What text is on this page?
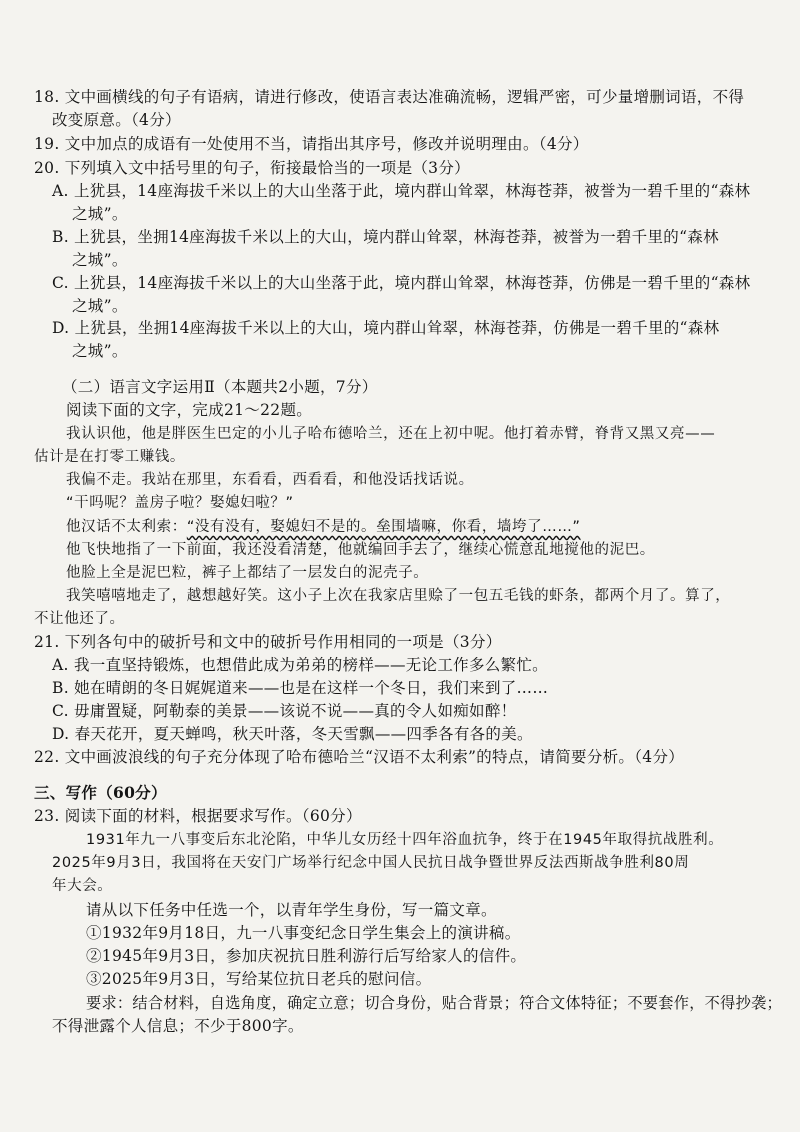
18. 文中画横线的句子有语病，请进行修改，使语言表达准确流畅，逻辑严密，可少量增删词语，不得
改变原意。（4分）
19. 文中加点的成语有一处使用不当，请指出其序号，修改并说明理由。（4分）
20. 下列填入文中括号里的句子，衔接最恰当的一项是（3分）
A. 上犹县，14座海拔千米以上的大山坐落于此，境内群山耸翠，林海苍莽，被誉为一碧千里的“森林
之城”。
B. 上犹县，坐拥14座海拔千米以上的大山，境内群山耸翠，林海苍莽，被誉为一碧千里的“森林
之城”。
C. 上犹县，14座海拔千米以上的大山坐落于此，境内群山耸翠，林海苍莽，仿佛是一碧千里的“森林
之城”。
D. 上犹县，坐拥14座海拔千米以上的大山，境内群山耸翠，林海苍莽，仿佛是一碧千里的“森林
之城”。
（二）语言文字运用Ⅱ（本题共2小题，7分）
阅读下面的文字，完成21～22题。
我认识他，他是胖医生巴定的小儿子哈布德哈兰，还在上初中呢。他打着赤臂，脊背又黑又亮——
估计是在打零工赚钱。
我偏不走。我站在那里，东看看，西看看，和他没话找话说。
“干吗呢？盖房子啦？娶媳妇啦？”
他汉话不太利索：“没有没有，娶媳妇不是的。垒围墙嘛，你看，墙垮了……”
他飞快地指了一下前面，我还没看清楚，他就编回手去了，继续心慌意乱地搅他的泥巴。
他脸上全是泥巴粒，裤子上都结了一层发白的泥壳子。
我笑嘻嘻地走了，越想越好笑。这小子上次在我家店里赊了一包五毛钱的虾条，都两个月了。算了，
不让他还了。
21. 下列各句中的破折号和文中的破折号作用相同的一项是（3分）
A. 我一直坚持锻炼，也想借此成为弟弟的榜样——无论工作多么繁忙。
B. 她在晴朗的冬日娓娓道来——也是在这样一个冬日，我们来到了……
C. 毋庸置疑，阿勒泰的美景——该说不说——真的令人如痴如醉！
D. 春天花开，夏天蝉鸣，秋天叶落，冬天雪飘——四季各有各的美。
22. 文中画波浪线的句子充分体现了哈布德哈兰“汉语不太利索”的特点，请简要分析。（4分）
三、写作（60分）
23. 阅读下面的材料，根据要求写作。（60分）
1931年九一八事变后东北沦陷，中华儿女历经十四年浴血抗争，终于在1945年取得抗战胜利。
2025年9月3日，我国将在天安门广场举行纪念中国人民抗日战争暨世界反法西斯战争胜利80周
年大会。
请从以下任务中任选一个，以青年学生身份，写一篇文章。
①1932年9月18日，九一八事变纪念日学生集会上的演讲稿。
②1945年9月3日，参加庆祝抗日胜利游行后写给家人的信件。
③2025年9月3日，写给某位抗日老兵的慰问信。
要求：结合材料，自选角度，确定立意；切合身份，贴合背景；符合文体特征；不要套作，不得抄袭；
不得泄露个人信息；不少于800字。
